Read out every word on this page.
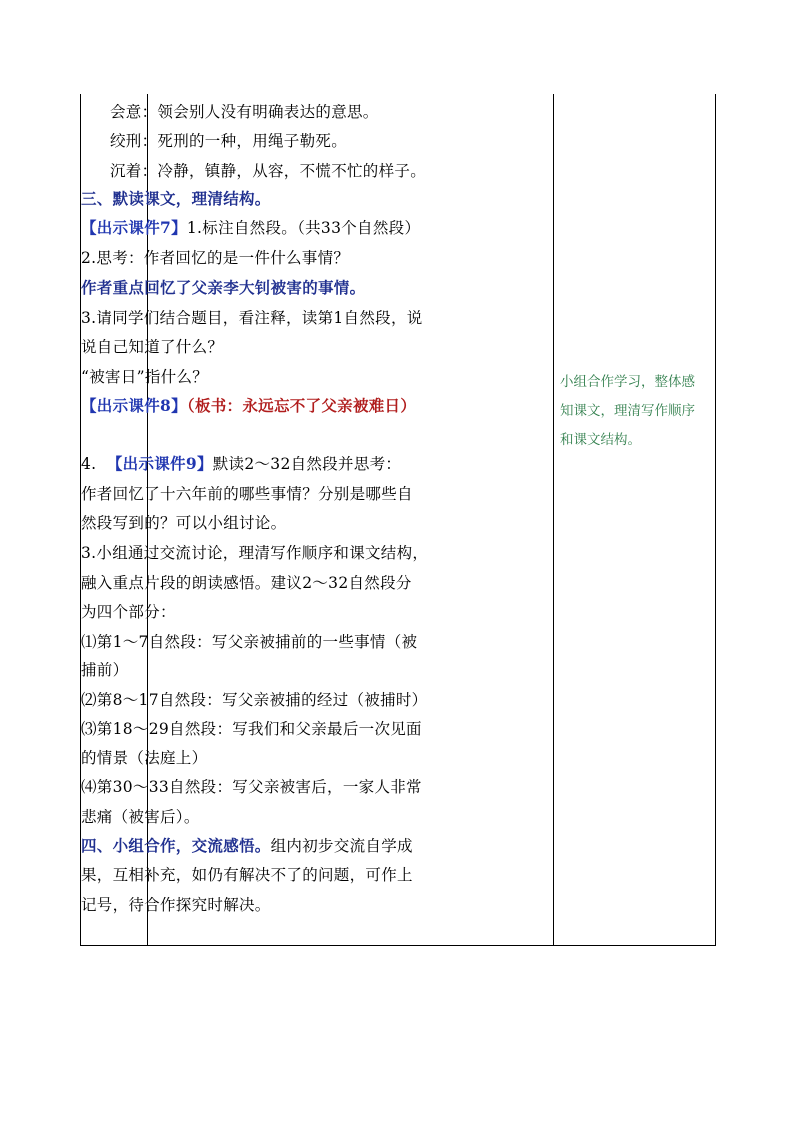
会意：领会别人没有明确表达的意思。
绞刑：死刑的一种，用绳子勒死。
沉着：冷静，镇静，从容，不慌不忙的样子。
三、默读课文，理清结构。
【出示课件7】1.标注自然段。（共33个自然段）
2.思考：作者回忆的是一件什么事情？
作者重点回忆了父亲李大钊被害的事情。
3.请同学们结合题目，看注释，读第1自然段，说
说自己知道了什么？
“被害日”指什么？
【出示课件8】（板书：永远忘不了父亲被难日）
4. 【出示课件9】默读2～32自然段并思考：
作者回忆了十六年前的哪些事情？分别是哪些自
然段写到的？可以小组讨论。
3.小组通过交流讨论，理清写作顺序和课文结构，
融入重点片段的朗读感悟。建议2～32自然段分
为四个部分：
⑴第1～7自然段：写父亲被捕前的一些事情（被
捕前）
⑵第8～17自然段：写父亲被捕的经过（被捕时）
⑶第18～29自然段：写我们和父亲最后一次见面
的情景（法庭上）
⑷第30～33自然段：写父亲被害后，一家人非常
悲痛（被害后）。
四、小组合作，交流感悟。组内初步交流自学成
果，互相补充，如仍有解决不了的问题，可作上
记号，待合作探究时解决。
小组合作学习，整体感
知课文，理清写作顺序
和课文结构。
